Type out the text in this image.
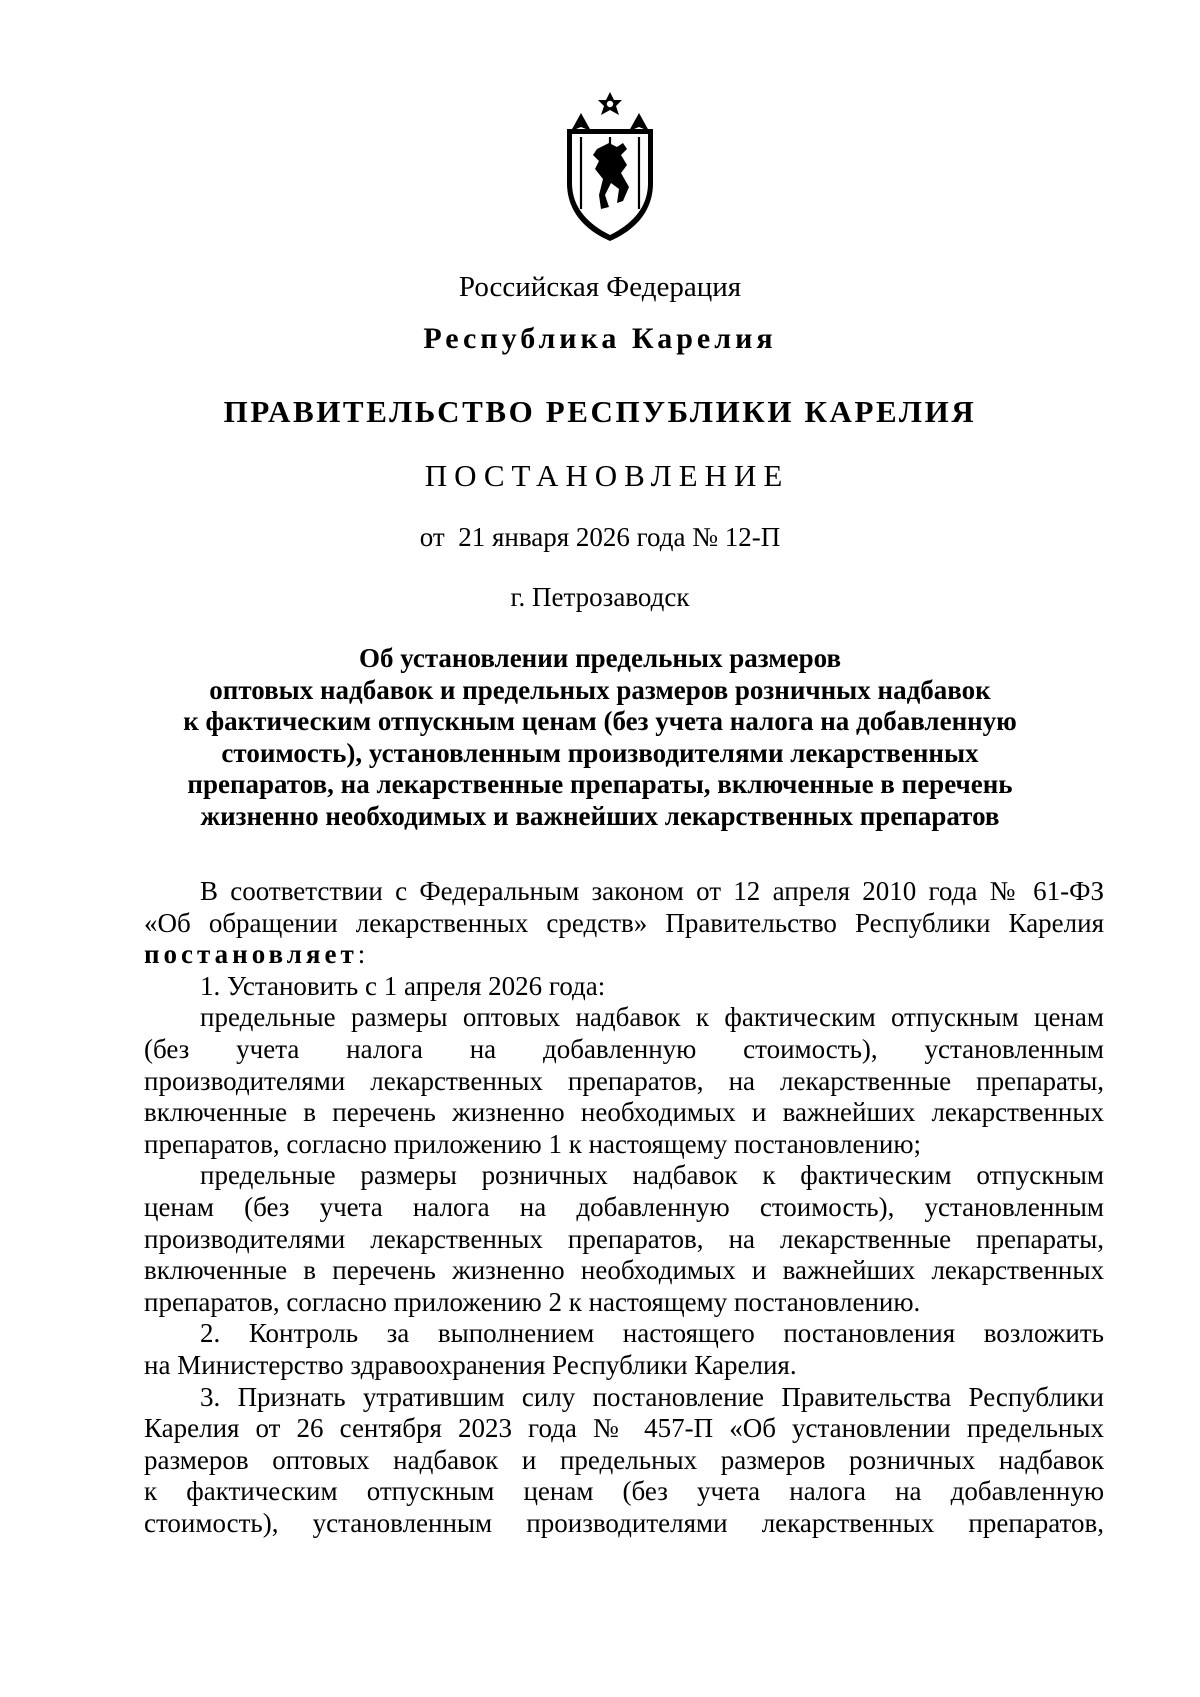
Российская Федерация
Республика Карелия
ПРАВИТЕЛЬСТВО РЕСПУБЛИКИ КАРЕЛИЯ
ПОСТАНОВЛЕНИЕ
от  21 января 2026 года № 12-П
г. Петрозаводск
Об установлении предельных размеров
оптовых надбавок и предельных размеров розничных надбавок
к фактическим отпускным ценам (без учета налога на добавленную
стоимость), установленным производителями лекарственных
препаратов, на лекарственные препараты, включенные в перечень
жизненно необходимых и важнейших лекарственных препаратов
В соответствии с Федеральным законом от 12 апреля 2010 года № 61-ФЗ
«Об обращении лекарственных средств» Правительство Республики Карелия
постановляет:
1. Установить с 1 апреля 2026 года:
предельные размеры оптовых надбавок к фактическим отпускным ценам
(без учета налога на добавленную стоимость), установленным
производителями лекарственных препаратов, на лекарственные препараты,
включенные в перечень жизненно необходимых и важнейших лекарственных
препаратов, согласно приложению 1 к настоящему постановлению;
предельные размеры розничных надбавок к фактическим отпускным
ценам (без учета налога на добавленную стоимость), установленным
производителями лекарственных препаратов, на лекарственные препараты,
включенные в перечень жизненно необходимых и важнейших лекарственных
препаратов, согласно приложению 2 к настоящему постановлению.
2. Контроль за выполнением настоящего постановления возложить
на Министерство здравоохранения Республики Карелия.
3. Признать утратившим силу постановление Правительства Республики
Карелия от 26 сентября 2023 года № 457-П «Об установлении предельных
размеров оптовых надбавок и предельных размеров розничных надбавок
к фактическим отпускным ценам (без учета налога на добавленную
стоимость), установленным производителями лекарственных препаратов,
